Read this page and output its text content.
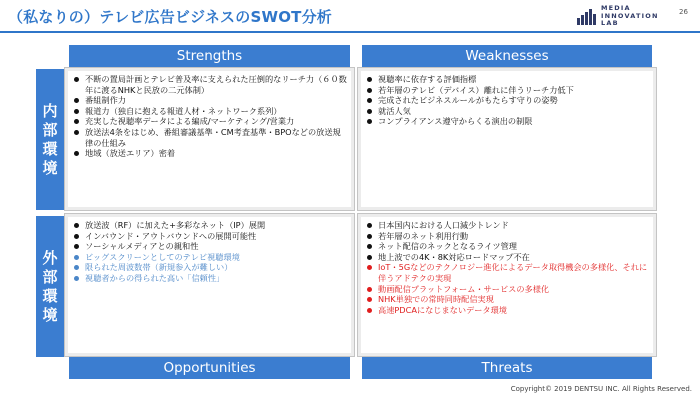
（私なりの）テレビ広告ビジネスのSWOT分析	MEDIA
INNOVATION
LAB
26
内部環境
外部環境
Strengths	Weaknesses
不断の置局計画とテレビ普及率に支えられた圧倒的なリーチ力（６０数年に渡るNHKと民放の二元体制）
番組制作力
報道力（独自に抱える報道人材・ネットワーク系列）
充実した視聴率データによる編成/マーケティング/営業力
放送法4条をはじめ、番組審議基準・CM考査基準・BPOなどの放送規律の仕組み
地域（放送エリア）密着
視聴率に依存する評価指標
若年層のテレビ（デバイス）離れに伴うリーチ力低下
完成されたビジネスルールがもたらす守りの姿勢
就活人気
コンプライアンス遵守からくる演出の制限
放送波（RF）に加えた+多彩なネット（IP）展開
インバウンド・アウトバウンドへの展開可能性
ソーシャルメディアとの親和性
ビッグスクリーンとしてのテレビ視聴環境
限られた周波数帯（新規参入が難しい）
視聴者からの得られた高い「信頼性」
日本国内における人口減少トレンド
若年層のネット利用行動
ネット配信のネックとなるライツ管理
地上波での4K・8K対応ロードマップ不在
IoT・5Gなどのテクノロジー進化によるデータ取得機会の多様化、それに伴うアドテクの実現
動画配信プラットフォーム・サービスの多様化
NHK単独での常時同時配信実現
高速PDCAになじまないデータ環境
Opportunities	Threats
Copyright© 2019 DENTSU INC. All Rights Reserved.
